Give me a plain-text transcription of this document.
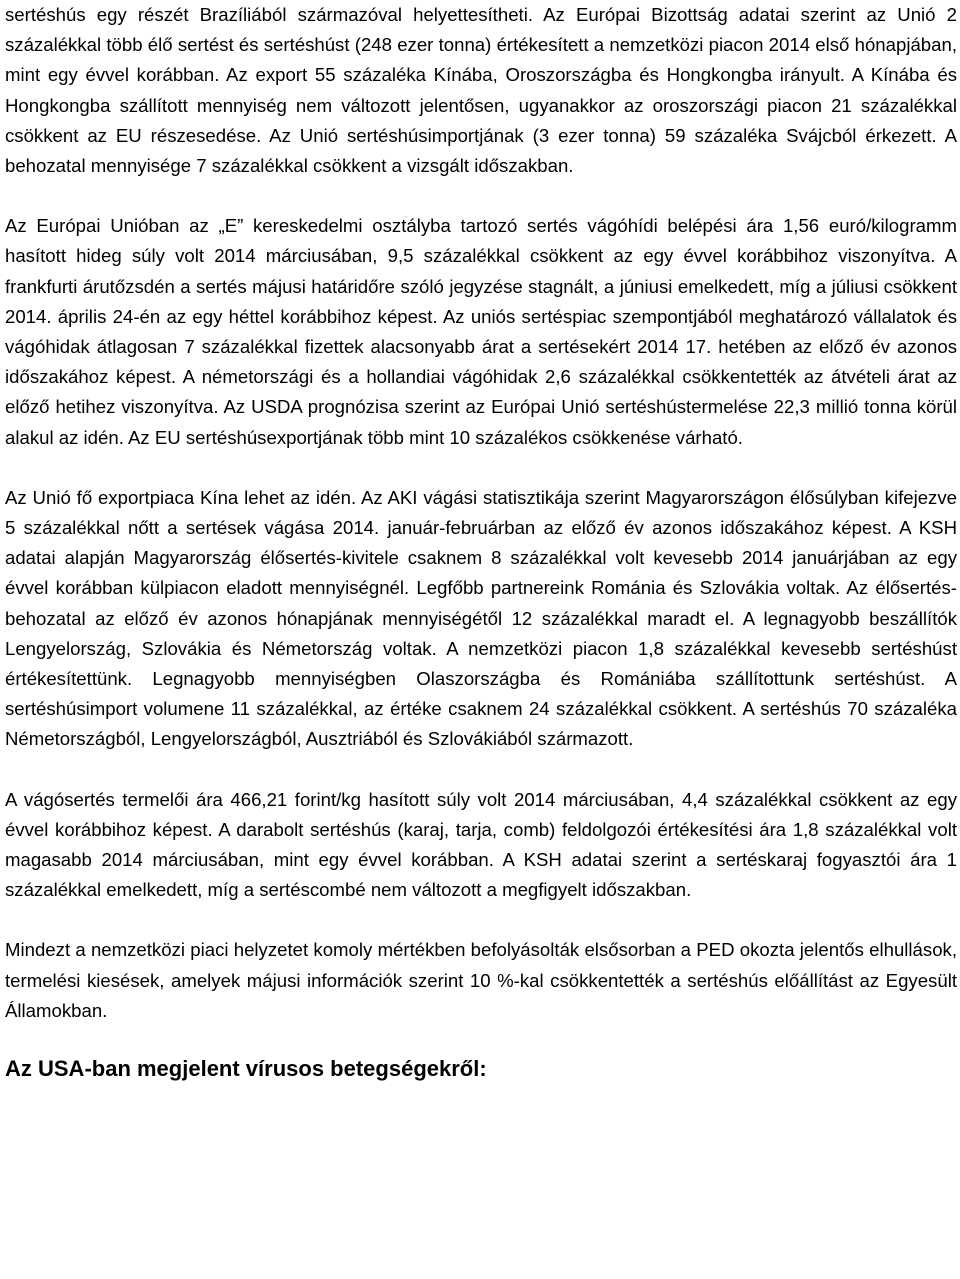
sertéshús egy részét Brazíliából származóval helyettesítheti. Az Európai Bizottság adatai szerint az Unió 2 százalékkal több élő sertést és sertéshúst (248 ezer tonna) értékesített a nemzetközi piacon 2014 első hónapjában, mint egy évvel korábban. Az export 55 százaléka Kínába, Oroszországba és Hongkongba irányult. A Kínába és Hongkongba szállított mennyiség nem változott jelentősen, ugyanakkor az oroszországi piacon 21 százalékkal csökkent az EU részesedése. Az Unió sertéshúsimportjának (3 ezer tonna) 59 százaléka Svájcból érkezett. A behozatal mennyisége 7 százalékkal csökkent a vizsgált időszakban.

Az Európai Unióban az „E” kereskedelmi osztályba tartozó sertés vágóhídi belépési ára 1,56 euró/kilogramm hasított hideg súly volt 2014 márciusában, 9,5 százalékkal csökkent az egy évvel korábbihoz viszonyítva. A frankfurti árutőzsdén a sertés májusi határidőre szóló jegyzése stagnált, a júniusi emelkedett, míg a júliusi csökkent 2014. április 24-én az egy héttel korábbihoz képest. Az uniós sertéspiac szempontjából meghatározó vállalatok és vágóhidak átlagosan 7 százalékkal fizettek alacsonyabb árat a sertésekért 2014 17. hetében az előző év azonos időszakához képest. A németországi és a hollandiai vágóhidak 2,6 százalékkal csökkentették az átvételi árat az előző hetihez viszonyítva. Az USDA prognózisa szerint az Európai Unió sertéshústermelése 22,3 millió tonna körül alakul az idén. Az EU sertéshúsexportjának több mint 10 százalékos csökkenése várható.

Az Unió fő exportpiaca Kína lehet az idén. Az AKI vágási statisztikája szerint Magyarországon élősúlyban kifejezve 5 százalékkal nőtt a sertések vágása 2014. január-februárban az előző év azonos időszakához képest. A KSH adatai alapján Magyarország élősertés-kivitele csaknem 8 százalékkal volt kevesebb 2014 januárjában az egy évvel korábban külpiacon eladott mennyiségnél. Legfőbb partnereink Románia és Szlovákia voltak. Az élősertés-behozatal az előző év azonos hónapjának mennyiségétől 12 százalékkal maradt el. A legnagyobb beszállítók Lengyelország, Szlovákia és Németország voltak. A nemzetközi piacon 1,8 százalékkal kevesebb sertéshúst értékesítettünk. Legnagyobb mennyiségben Olaszországba és Romániába szállítottunk sertéshúst. A sertéshúsimport volumene 11 százalékkal, az értéke csaknem 24 százalékkal csökkent. A sertéshús 70 százaléka Németországból, Lengyelországból, Ausztriából és Szlovákiából származott.

A vágósertés termelői ára 466,21 forint/kg hasított súly volt 2014 márciusában, 4,4 százalékkal csökkent az egy évvel korábbihoz képest. A darabolt sertéshús (karaj, tarja, comb) feldolgozói értékesítési ára 1,8 százalékkal volt magasabb 2014 márciusában, mint egy évvel korábban. A KSH adatai szerint a sertéskaraj fogyasztói ára 1 százalékkal emelkedett, míg a sertéscombé nem változott a megfigyelt időszakban.

Mindezt a nemzetközi piaci helyzetet komoly mértékben befolyásolták elsősorban a PED okozta jelentős elhullások, termelési kiesések, amelyek májusi információk szerint 10 %-kal csökkentették a sertéshús előállítást az Egyesült Államokban.

Az USA-ban megjelent vírusos betegségekről:
